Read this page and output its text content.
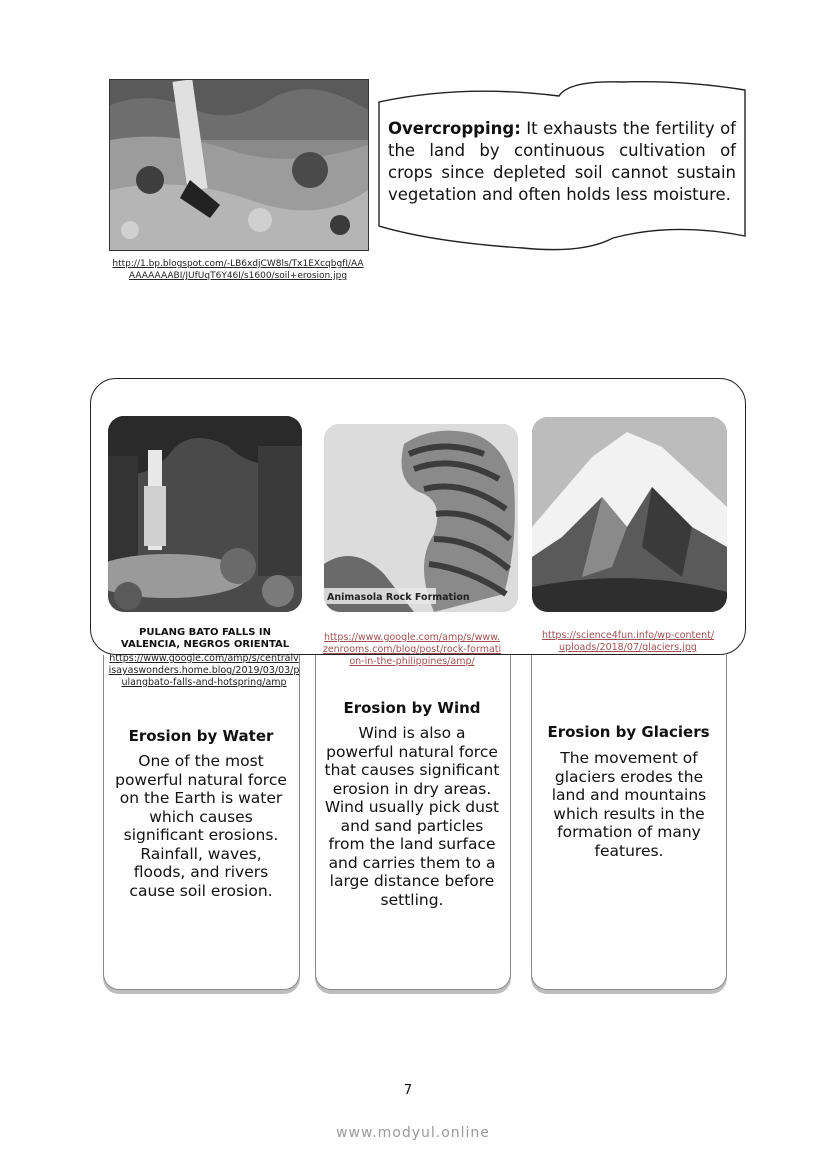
http://1.bp.blogspot.com/-LB6xdjCW8ls/Tx1EXcqbgfI/AAAAAAAAABI/JUfUqT6Y46I/s1600/soil+erosion.jpg
Overcropping: It exhausts the fertility of the land by continuous cultivation of crops since depleted soil cannot sustain vegetation and often holds less moisture.
Animasola Rock Formation
PULANG BATO FALLS IN VALENCIA, NEGROS ORIENTAL
https://www.google.com/amp/s/centralvisayaswonders.home.blog/2019/03/03/pulangbato-falls-and-hotspring/amp
https://www.google.com/amp/s/www.zenrooms.com/blog/post/rock-formation-in-the-philippines/amp/
https://science4fun.info/wp-content/uploads/2018/07/glaciers.jpg
Erosion by Water
One of the most powerful natural force on the Earth is water which causes significant erosions. Rainfall, waves, floods, and rivers cause soil erosion.
Erosion by Wind
Wind is also a powerful natural force that causes significant erosion in dry areas. Wind usually pick dust and sand particles from the land surface and carries them to a large distance before settling.
Erosion by Glaciers
The movement of glaciers erodes the land and mountains which results in the formation of many features.
7
www.modyul.online
